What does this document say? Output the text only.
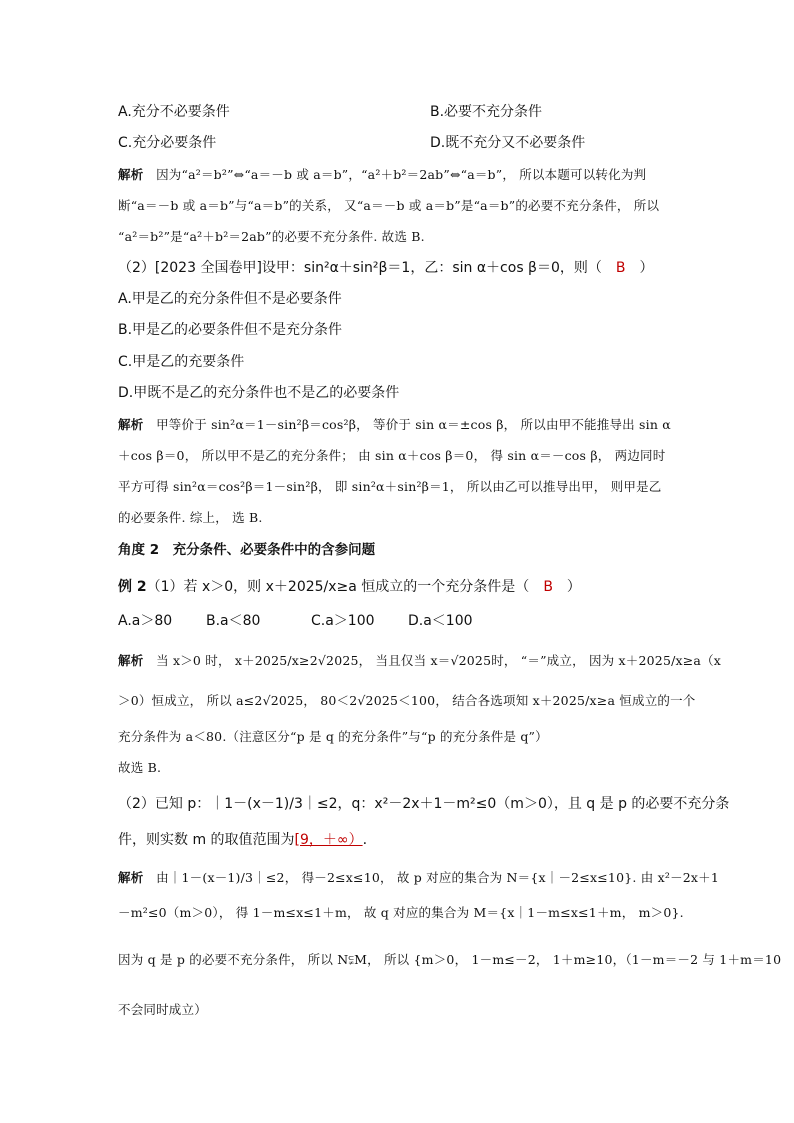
A.充分不必要条件	B.必要不充分条件
C.充分必要条件	D.既不充分又不必要条件
解析　 因为“a²＝b²”⇔“a＝－b 或 a＝b”，“a²＋b²＝2ab”⇔“a＝b”， 所以本题可以转化为判
断“a＝－b 或 a＝b”与“a＝b”的关系， 又“a＝－b 或 a＝b”是“a＝b”的必要不充分条件， 所以
“a²＝b²”是“a²＋b²＝2ab”的必要不充分条件. 故选 B.
（2）[2023 全国卷甲]设甲：sin²α＋sin²β＝1，乙：sin α＋cos β＝0，则（　 B　 ）
A.甲是乙的充分条件但不是必要条件
B.甲是乙的必要条件但不是充分条件
C.甲是乙的充要条件
D.甲既不是乙的充分条件也不是乙的必要条件
解析　 甲等价于 sin²α＝1－sin²β＝cos²β， 等价于 sin α＝±cos β， 所以由甲不能推导出 sin α
＋cos β＝0， 所以甲不是乙的充分条件； 由 sin α＋cos β＝0， 得 sin α＝－cos β， 两边同时
平方可得 sin²α＝cos²β＝1－sin²β， 即 sin²α＋sin²β＝1， 所以由乙可以推导出甲， 则甲是乙
的必要条件. 综上， 选 B.
角度 2　充分条件、必要条件中的含参问题
例 2（1）若 x＞0，则 x＋2025/x≥a 恒成立的一个充分条件是（　 B　 ）
A.a＞80 B.a＜80	C.a＞100 D.a＜100
解析　 当 x＞0 时， x＋2025/x≥2√2025， 当且仅当 x＝√2025时， “＝”成立， 因为 x＋2025/x≥a（x
＞0）恒成立， 所以 a≤2√2025， 80＜2√2025＜100， 结合各选项知 x＋2025/x≥a 恒成立的一个
充分条件为 a＜80.（注意区分“p 是 q 的充分条件”与“p 的充分条件是 q”）
故选 B.
（2）已知 p：｜1－(x－1)/3｜≤2，q：x²－2x＋1－m²≤0（m＞0），且 q 是 p 的必要不充分条
件，则实数 m 的取值范围为[9，＋∞）.
解析　 由｜1－(x－1)/3｜≤2， 得－2≤x≤10， 故 p 对应的集合为 N＝{x｜－2≤x≤10}. 由 x²－2x＋1
－m²≤0（m＞0）， 得 1－m≤x≤1＋m， 故 q 对应的集合为 M＝{x｜1－m≤x≤1＋m， m＞0}.
因为 q 是 p 的必要不充分条件， 所以 N⫋M， 所以 {m＞0， 1－m≤－2， 1＋m≥10，（1－m＝－2 与 1＋m＝10
不会同时成立）
